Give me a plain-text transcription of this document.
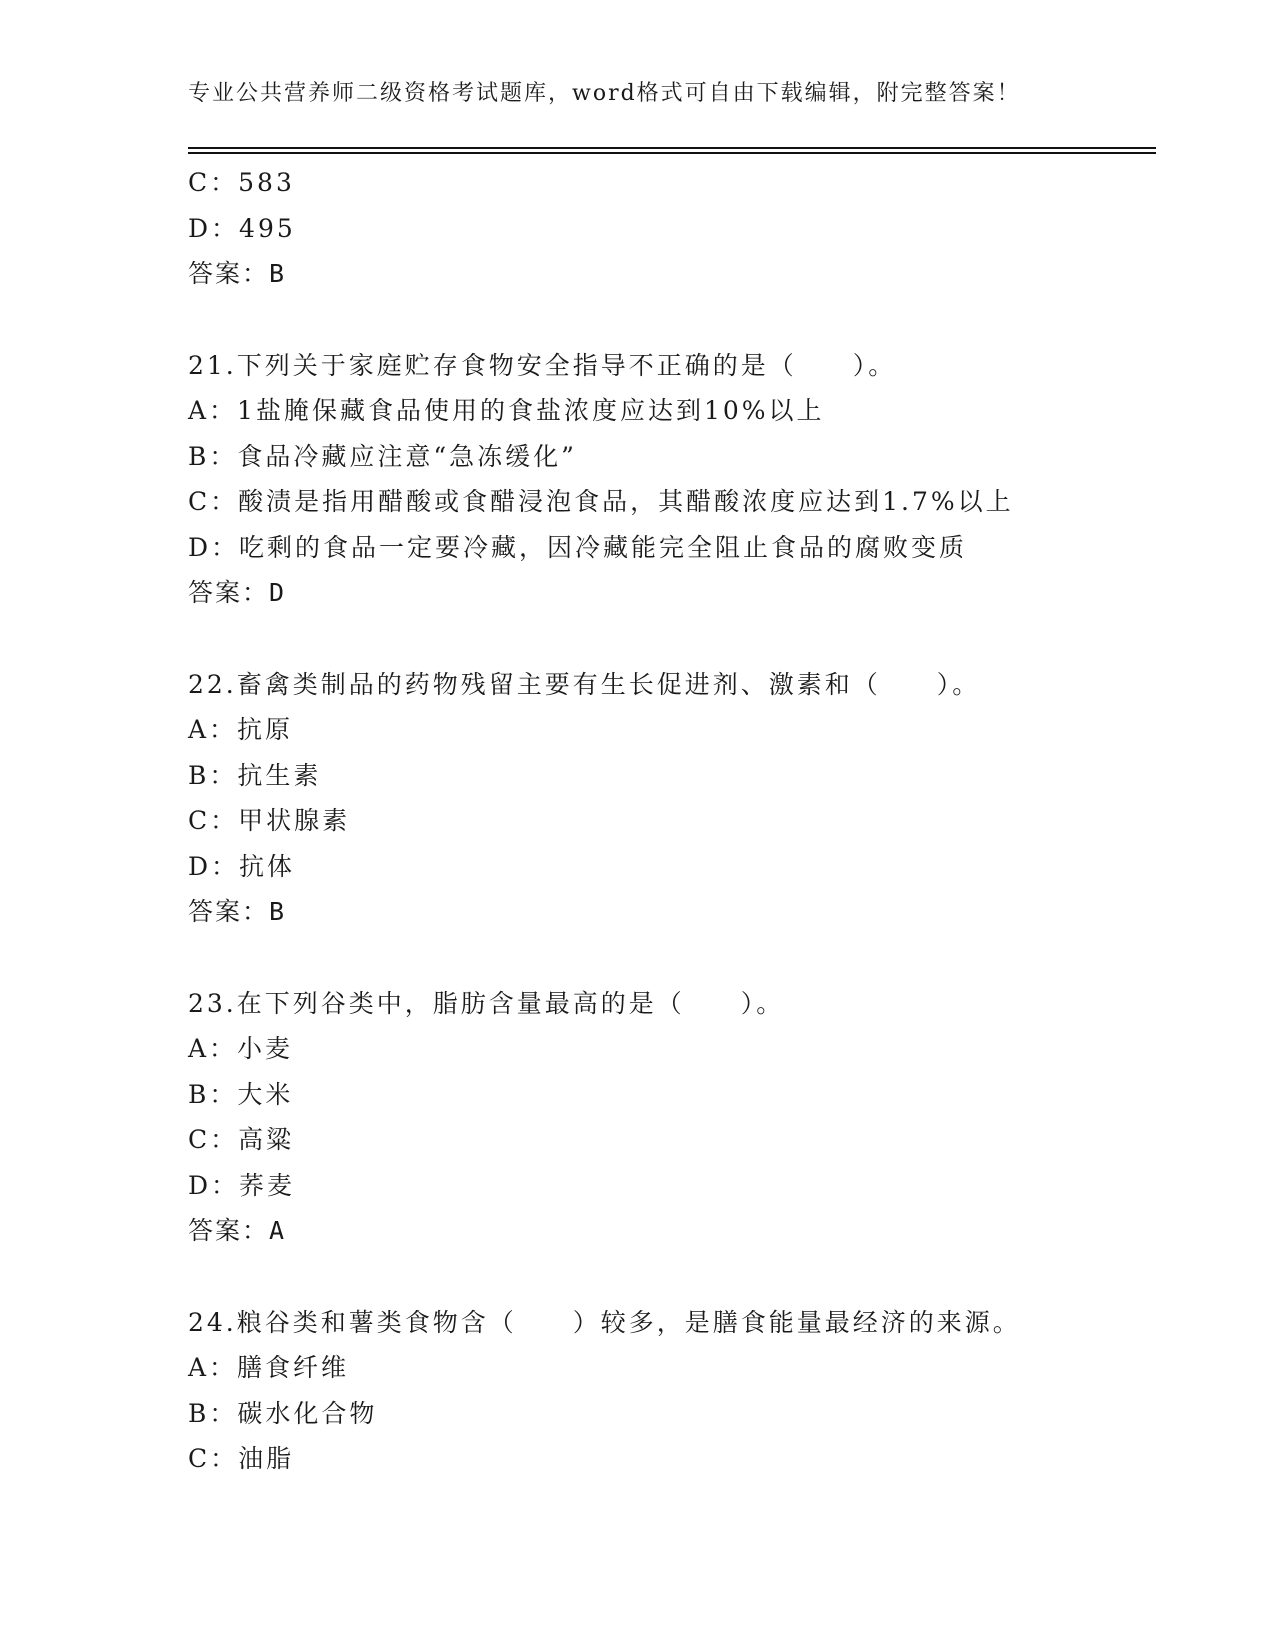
专业公共营养师二级资格考试题库，word格式可自由下载编辑，附完整答案！
C：583
D：495
答案：B
21.下列关于家庭贮存食物安全指导不正确的是（　　）。
A：1盐腌保藏食品使用的食盐浓度应达到10%以上
B：食品冷藏应注意“急冻缓化”
C：酸渍是指用醋酸或食醋浸泡食品，其醋酸浓度应达到1.7%以上
D：吃剩的食品一定要冷藏，因冷藏能完全阻止食品的腐败变质
答案：D
22.畜禽类制品的药物残留主要有生长促进剂、激素和（　　）。
A：抗原
B：抗生素
C：甲状腺素
D：抗体
答案：B
23.在下列谷类中，脂肪含量最高的是（　　）。
A：小麦
B：大米
C：高粱
D：荞麦
答案：A
24.粮谷类和薯类食物含（　　）较多，是膳食能量最经济的来源。
A：膳食纤维
B：碳水化合物
C：油脂
